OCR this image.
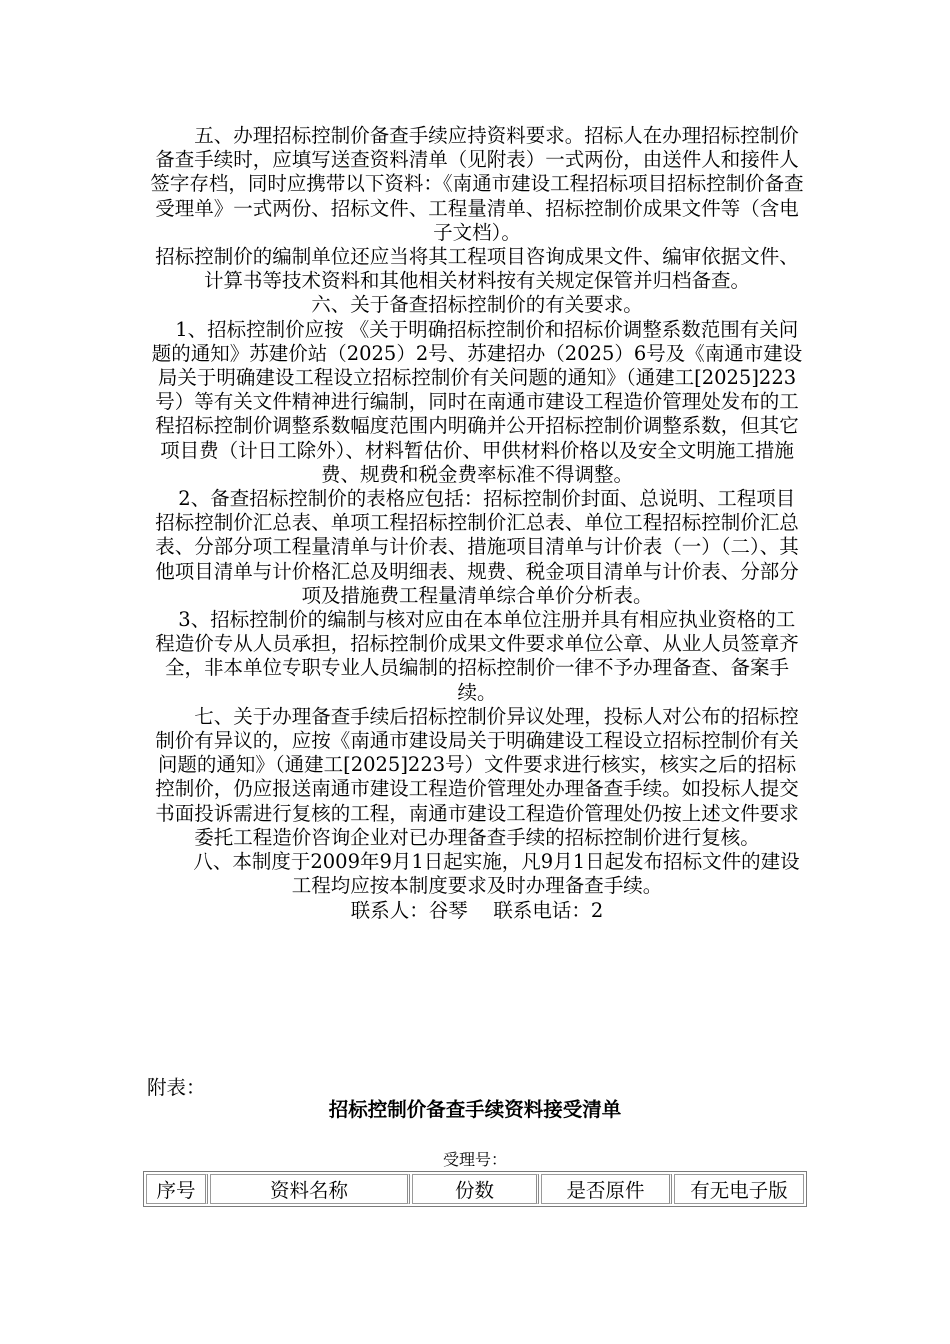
　　五、办理招标控制价备查手续应持资料要求。招标人在办理招标控制价备查手续时，应填写送查资料清单（见附表）一式两份，由送件人和接件人签字存档，同时应携带以下资料：《南通市建设工程招标项目招标控制价备查受理单》一式两份、招标文件、工程量清单、招标控制价成果文件等（含电子文档）。

招标控制价的编制单位还应当将其工程项目咨询成果文件、编审依据文件、计算书等技术资料和其他相关材料按有关规定保管并归档备查。

六、关于备查招标控制价的有关要求。

　1、招标控制价应按 《关于明确招标控制价和招标价调整系数范围有关问题的通知》苏建价站（2025）2号、苏建招办（2025）6号及《南通市建设局关于明确建设工程设立招标控制价有关问题的通知》（通建工[2025]223号）等有关文件精神进行编制，同时在南通市建设工程造价管理处发布的工程招标控制价调整系数幅度范围内明确并公开招标控制价调整系数，但其它项目费（计日工除外）、材料暂估价、甲供材料价格以及安全文明施工措施费、规费和税金费率标准不得调整。

　2、备查招标控制价的表格应包括：招标控制价封面、总说明、工程项目招标控制价汇总表、单项工程招标控制价汇总表、单位工程招标控制价汇总表、分部分项工程量清单与计价表、措施项目清单与计价表（一）（二）、其他项目清单与计价格汇总及明细表、规费、税金项目清单与计价表、分部分项及措施费工程量清单综合单价分析表。

　3、招标控制价的编制与核对应由在本单位注册并具有相应执业资格的工程造价专从人员承担，招标控制价成果文件要求单位公章、从业人员签章齐全，非本单位专职专业人员编制的招标控制价一律不予办理备查、备案手续。

　　七、关于办理备查手续后招标控制价异议处理，投标人对公布的招标控制价有异议的，应按《南通市建设局关于明确建设工程设立招标控制价有关问题的通知》（通建工[2025]223号）文件要求进行核实，核实之后的招标控制价，仍应报送南通市建设工程造价管理处办理备查手续。如投标人提交书面投诉需进行复核的工程，南通市建设工程造价管理处仍按上述文件要求委托工程造价咨询企业对已办理备查手续的招标控制价进行复核。

　　八、本制度于2009年9月1日起实施，凡9月1日起发布招标文件的建设工程均应按本制度要求及时办理备查手续。

联系人：谷琴　 联系电话：2

附表：
招标控制价备查手续资料接受清单
受理号：
序号	资料名称	份数	是否原件	有无电子版
